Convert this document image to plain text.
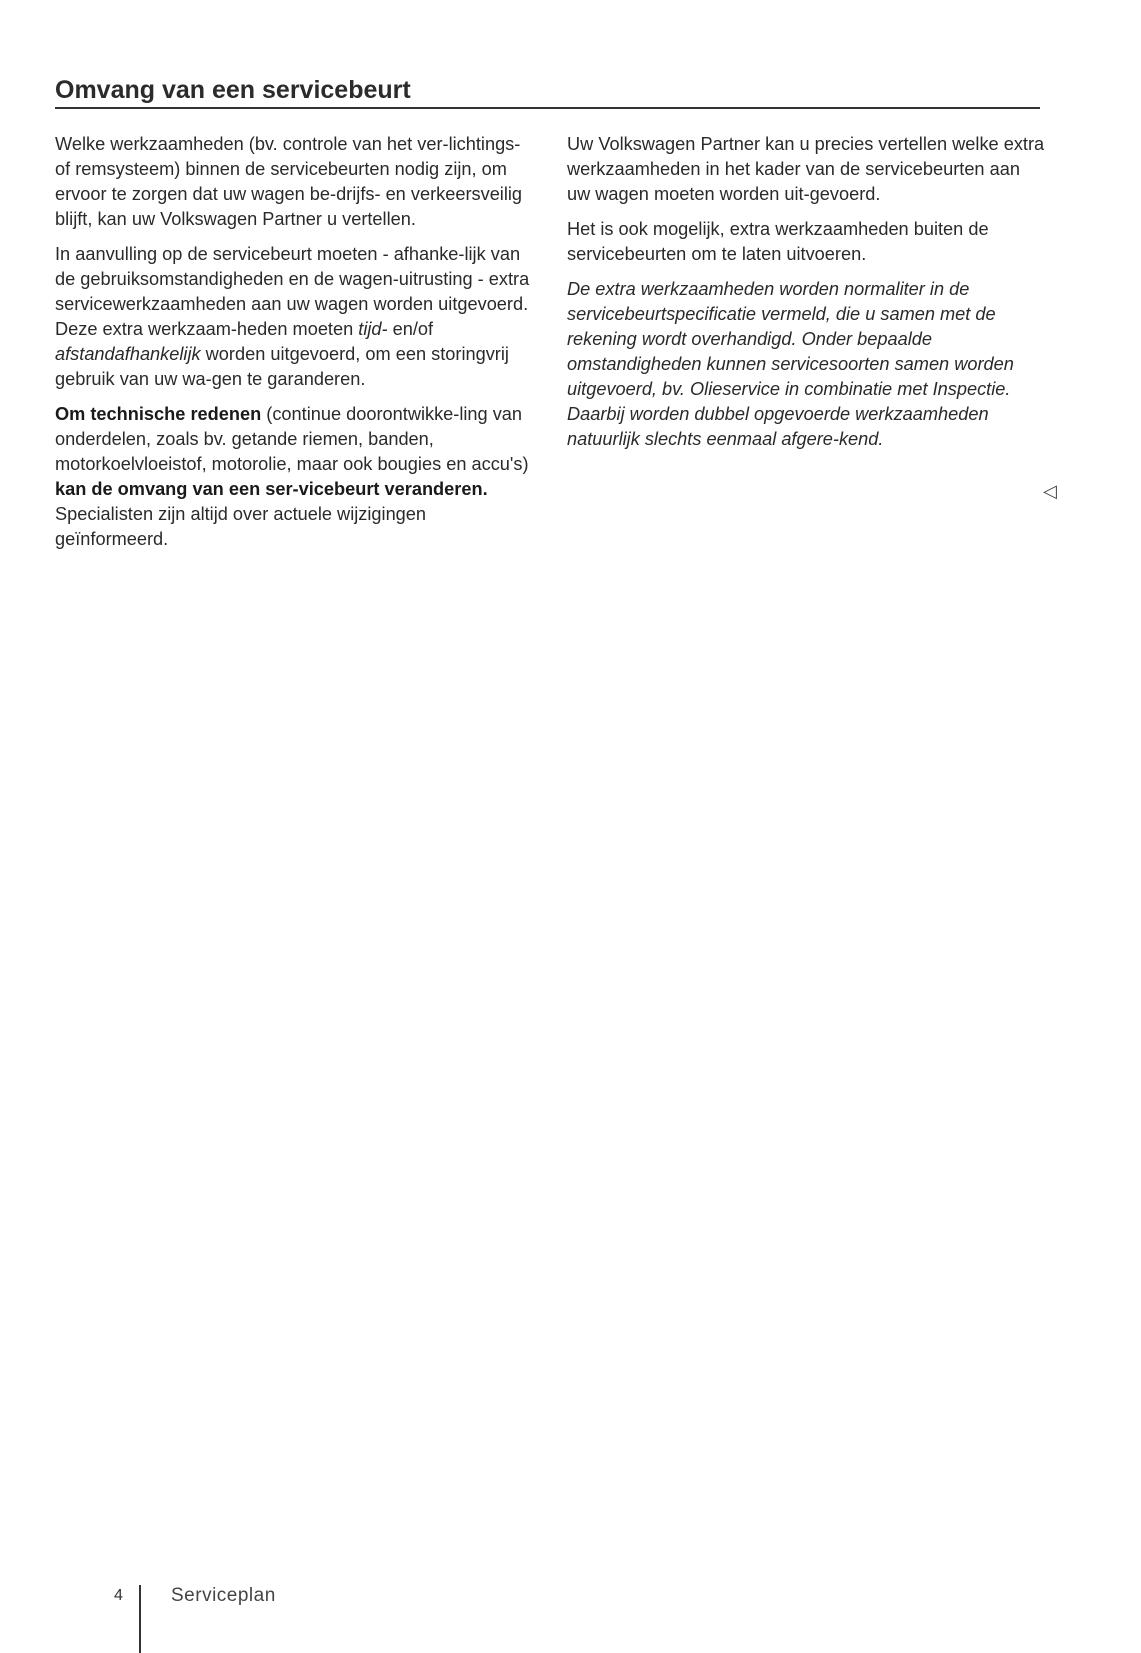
Omvang van een servicebeurt

Welke werkzaamheden (bv. controle van het ver-lichtings- of remsysteem) binnen de servicebeurten nodig zijn, om ervoor te zorgen dat uw wagen be-drijfs- en verkeersveilig blijft, kan uw Volkswagen Partner u vertellen.

In aanvulling op de servicebeurt moeten - afhanke-lijk van de gebruiksomstandigheden en de wagen-uitrusting - extra servicewerkzaamheden aan uw wagen worden uitgevoerd. Deze extra werkzaam-heden moeten tijd- en/of afstandafhankelijk worden uitgevoerd, om een storingvrij gebruik van uw wa-gen te garanderen.

Om technische redenen (continue doorontwikke-ling van onderdelen, zoals bv. getande riemen, banden, motorkoelvloeistof, motorolie, maar ook bougies en accu's) kan de omvang van een ser-vicebeurt veranderen. Specialisten zijn altijd over actuele wijzigingen geïnformeerd.

Uw Volkswagen Partner kan u precies vertellen welke extra werkzaamheden in het kader van de servicebeurten aan uw wagen moeten worden uit-gevoerd.

Het is ook mogelijk, extra werkzaamheden buiten de servicebeurten om te laten uitvoeren.

De extra werkzaamheden worden normaliter in de servicebeurtspecificatie vermeld, die u samen met de rekening wordt overhandigd. Onder bepaalde omstandigheden kunnen servicesoorten samen worden uitgevoerd, bv. Olieservice in combinatie met Inspectie. Daarbij worden dubbel opgevoerde werkzaamheden natuurlijk slechts eenmaal afgere-kend.

◁
4	Serviceplan
